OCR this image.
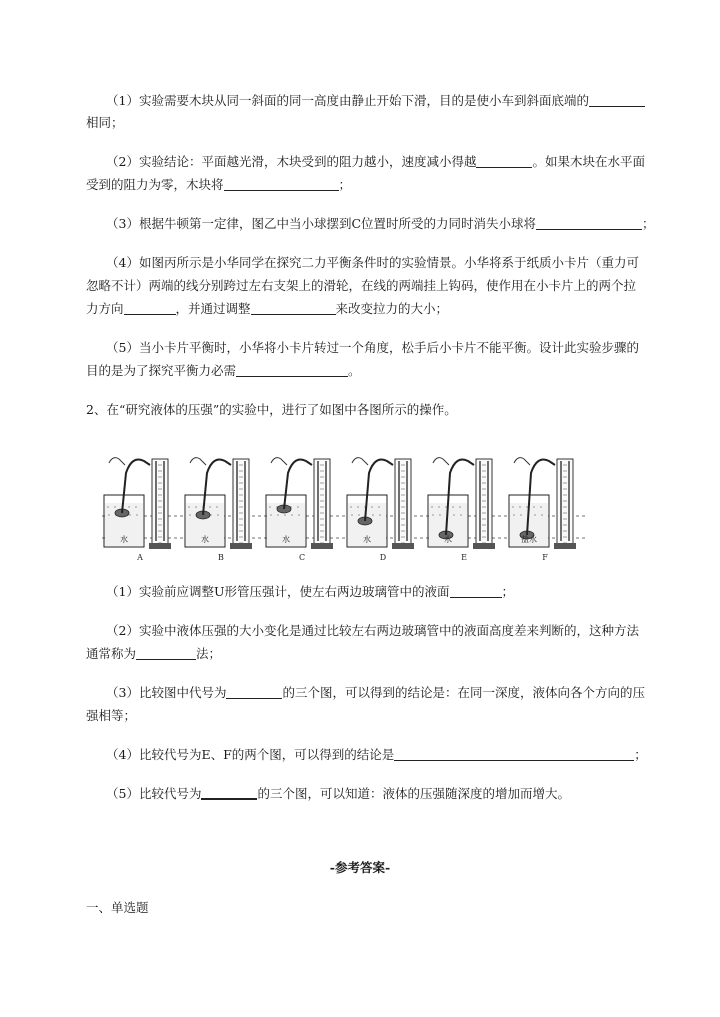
（1）实验需要木块从同一斜面的同一高度由静止开始下滑，目的是使小车到斜面底端的
相同；
（2）实验结论：平面越光滑，木块受到的阻力越小，速度减小得越	。如果木块在水平面
受到的阻力为零，木块将	；
（3）根据牛顿第一定律，图乙中当小球摆到C位置时所受的力同时消失小球将	；
（4）如图丙所示是小华同学在探究二力平衡条件时的实验情景。小华将系于纸质小卡片（重力可
忽略不计）两端的线分别跨过左右支架上的滑轮，在线的两端挂上钩码，使作用在小卡片上的两个拉
力方向	，并通过调整	来改变拉力的大小；
（5）当小卡片平衡时，小华将小卡片转过一个角度，松手后小卡片不能平衡。设计此实验步骤的
目的是为了探究平衡力必需	。
2、在“研究液体的压强”的实验中，进行了如图中各图所示的操作。
水
A
水
B
水
C
水
D
水
E
盐水
F
（1）实验前应调整U形管压强计，使左右两边玻璃管中的液面	；
（2）实验中液体压强的大小变化是通过比较左右两边玻璃管中的液面高度差来判断的，这种方法
通常称为	法；
（3）比较图中代号为	的三个图，可以得到的结论是：在同一深度，液体向各个方向的压
强相等；
（4）比较代号为E、F的两个图，可以得到的结论是	；
（5）比较代号为	的三个图，可以知道：液体的压强随深度的增加而增大。
-参考答案-
一、单选题
